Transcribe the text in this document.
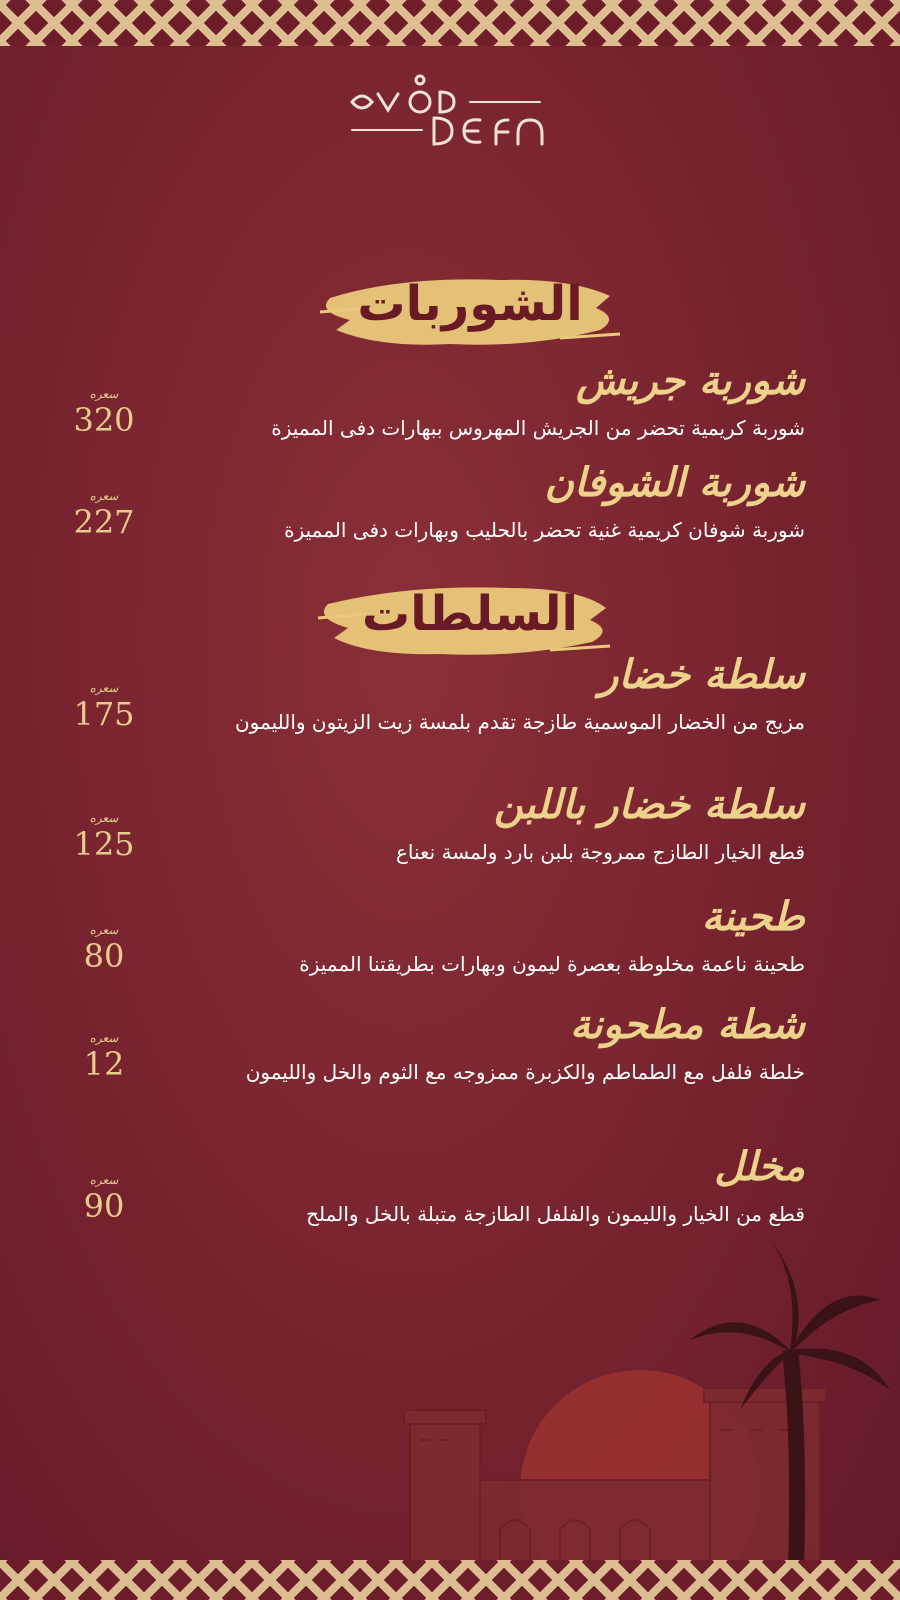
الشوربات
شوربة جريش
شوربة كريمية تحضر من الجريش المهروس ببهارات دفى المميزة
سعره
320
شوربة الشوفان
شوربة شوفان كريمية غنية تحضر بالحليب وبهارات دفى المميزة
سعره
227
السلطات
سلطة خضار
مزيج من الخضار الموسمية طازجة تقدم بلمسة زيت الزيتون والليمون
سعره
175
سلطة خضار باللبن
قطع الخيار الطازج ممروجة بلبن بارد ولمسة نعناع
سعره
125
طحينة
طحينة ناعمة مخلوطة بعصرة ليمون وبهارات بطريقتنا المميزة
سعره
80
شطة مطحونة
خلطة فلفل مع الطماطم والكزبرة ممزوجه مع الثوم والخل والليمون
سعره
12
مخلل
قطع من الخيار والليمون والفلفل الطازجة متبلة بالخل والملح
سعره
90
